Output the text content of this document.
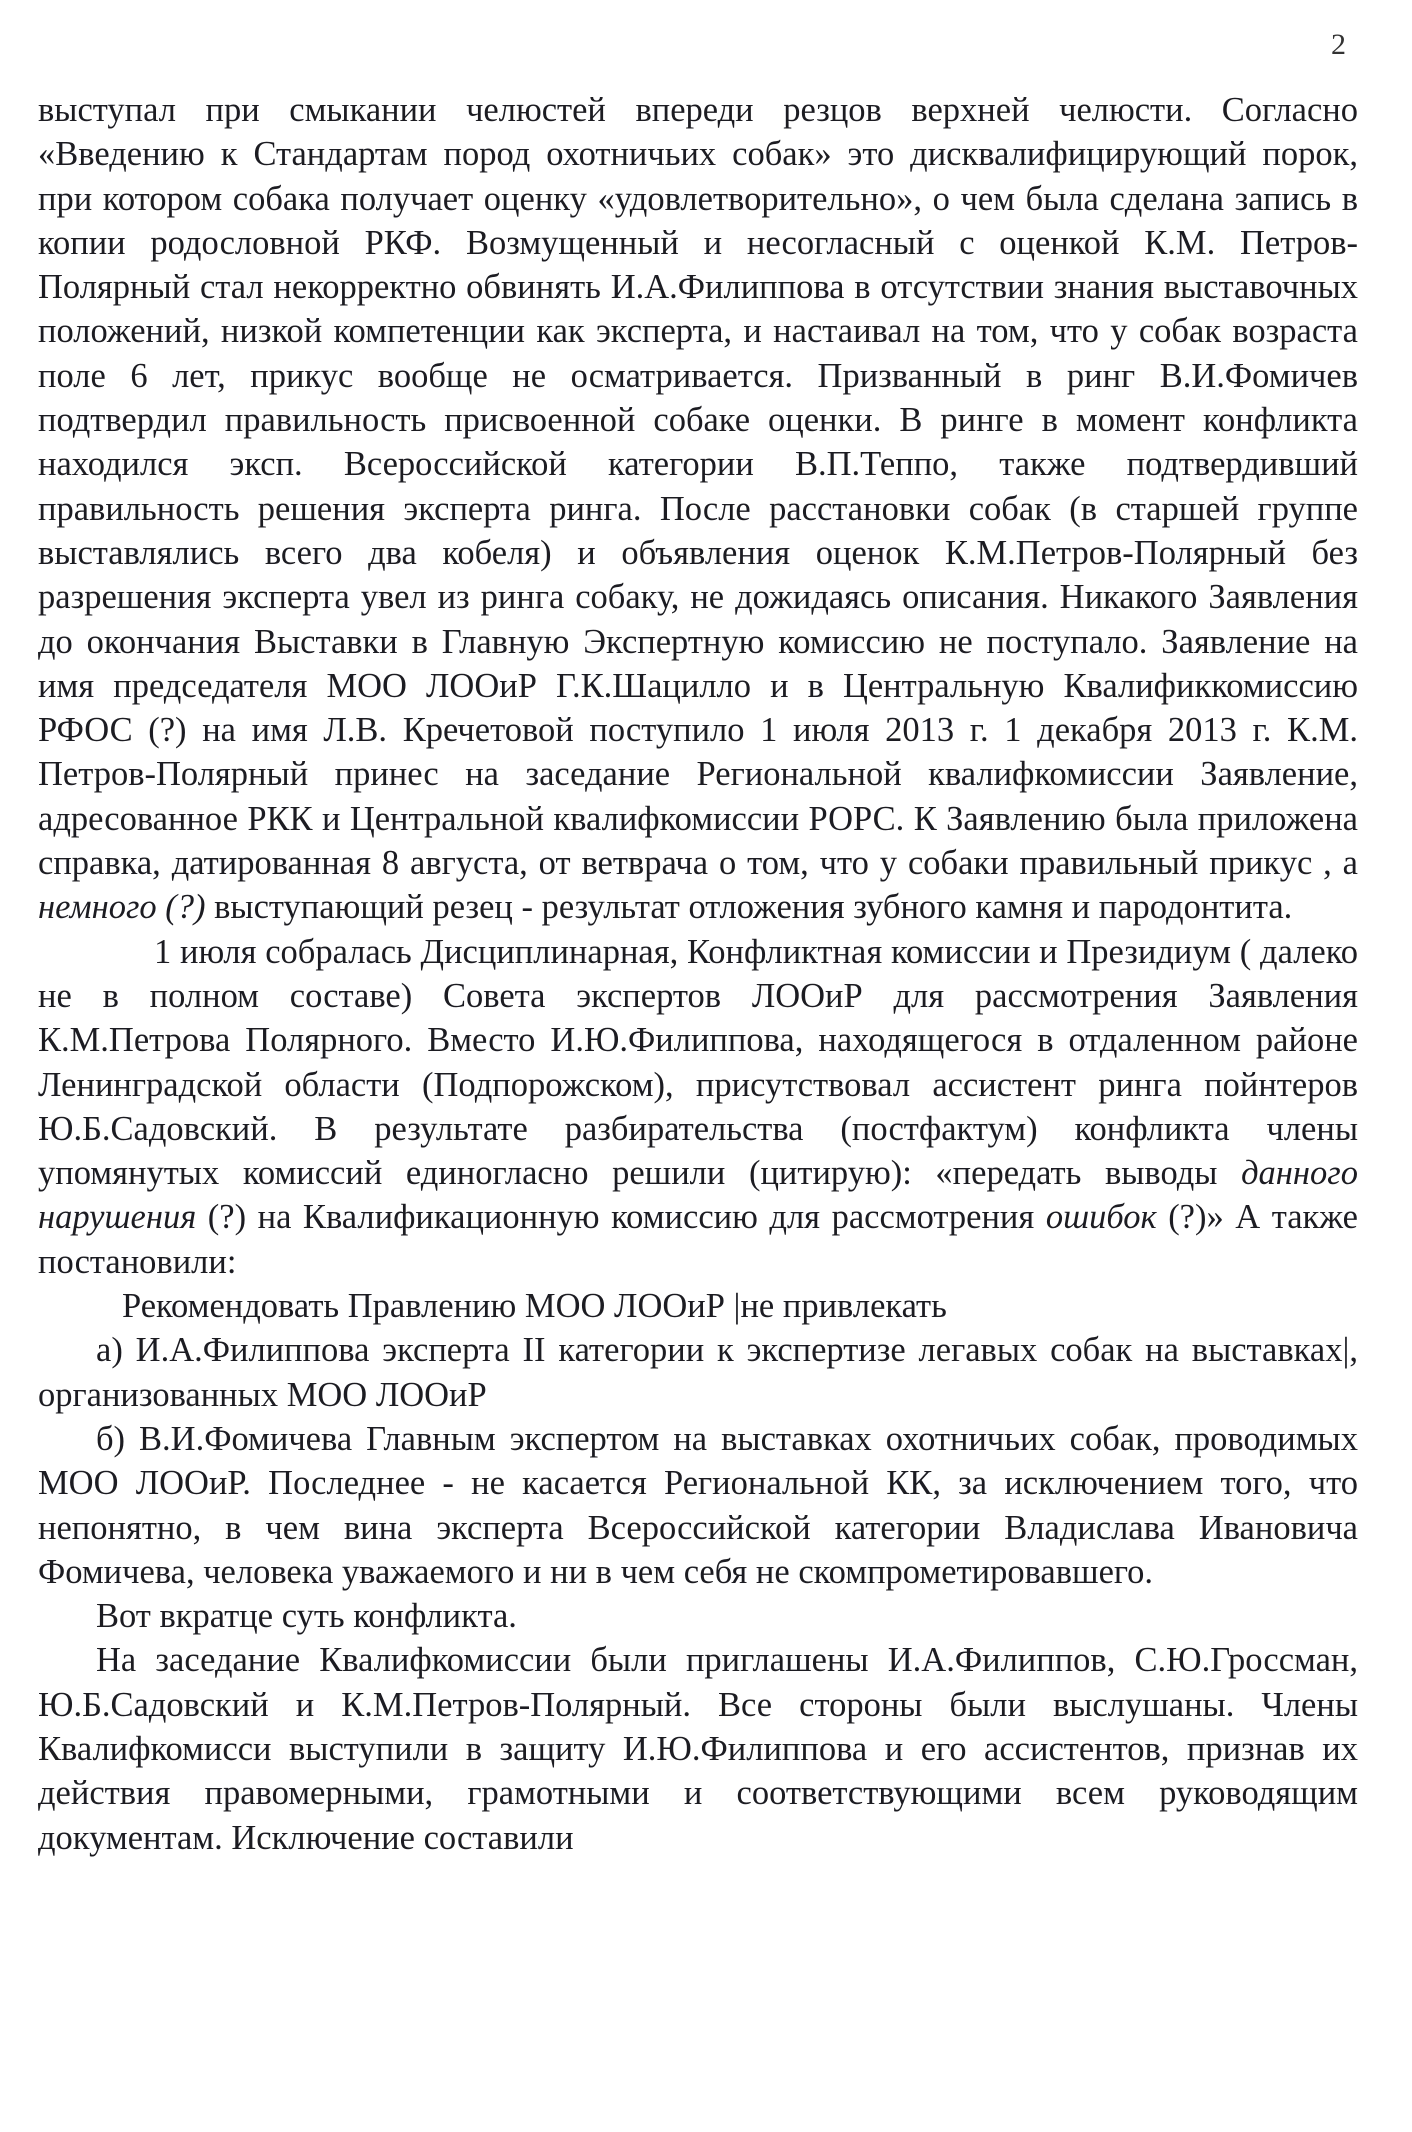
2

выступал при смыкании челюстей впереди резцов верхней челюсти. Согласно «Введению к Стандартам пород охотничьих собак» это дисквалифицирующий порок, при котором собака получает оценку «удовлетворительно», о чем была сделана запись в копии родословной РКФ. Возмущенный и несогласный с оценкой К.М. Петров-Полярный стал некорректно обвинять И.А.Филиппова в отсутствии знания выставочных положений, низкой компетенции как эксперта, и настаивал на том, что у собак возраста поле 6 лет, прикус вообще не осматривается. Призванный в ринг В.И.Фомичев подтвердил правильность присвоенной собаке оценки. В ринге в момент конфликта находился эксп. Всероссийской категории В.П.Теппо, также подтвердивший правильность решения эксперта ринга. После расстановки собак (в старшей группе выставлялись всего два кобеля) и объявления оценок К.М.Петров-Полярный без разрешения эксперта увел из ринга собаку, не дожидаясь описания. Никакого Заявления до окончания Выставки в Главную Экспертную комиссию не поступало. Заявление на имя председателя МОО ЛООиР Г.К.Шацилло и в Центральную Квалификкомиссию РФОС (?) на имя Л.В. Кречетовой поступило 1 июля 2013 г. 1 декабря 2013 г. К.М. Петров-Полярный принес на заседание Региональной квалифкомиссии Заявление, адресованное РКК и Центральной квалифкомиссии РОРС. К Заявлению была приложена справка, датированная 8 августа, от ветврача о том, что у собаки правильный прикус , а немного (?) выступающий резец - результат отложения зубного камня и пародонтита.

1 июля собралась Дисциплинарная, Конфликтная комиссии и Президиум ( далеко не в полном составе) Совета экспертов ЛООиР для рассмотрения Заявления К.М.Петрова Полярного. Вместо И.Ю.Филиппова, находящегося в отдаленном районе Ленинградской области (Подпорожском), присутствовал ассистент ринга пойнтеров Ю.Б.Садовский. В результате разбирательства (постфактум) конфликта члены упомянутых комиссий единогласно решили (цитирую): «передать выводы данного нарушения (?) на Квалификационную комиссию для рассмотрения ошибок (?)» А также постановили:

Рекомендовать Правлению МОО ЛООиР |не привлекать

а) И.А.Филиппова эксперта II категории к экспертизе легавых собак на выставках|, организованных МОО ЛООиР

б) В.И.Фомичева Главным экспертом на выставках охотничьих собак, проводимых МОО ЛООиР. Последнее - не касается Региональной КК, за исключением того, что непонятно, в чем вина эксперта Всероссийской категории Владислава Ивановича Фомичева, человека уважаемого и ни в чем себя не скомпрометировавшего.

Вот вкратце суть конфликта.

На заседание Квалифкомиссии были приглашены И.А.Филиппов, С.Ю.Гроссман, Ю.Б.Садовский и К.М.Петров-Полярный. Все стороны были выслушаны. Члены Квалифкомисси выступили в защиту И.Ю.Филиппова и его ассистентов, признав их действия правомерными, грамотными и соответствующими всем руководящим документам. Исключение составили
